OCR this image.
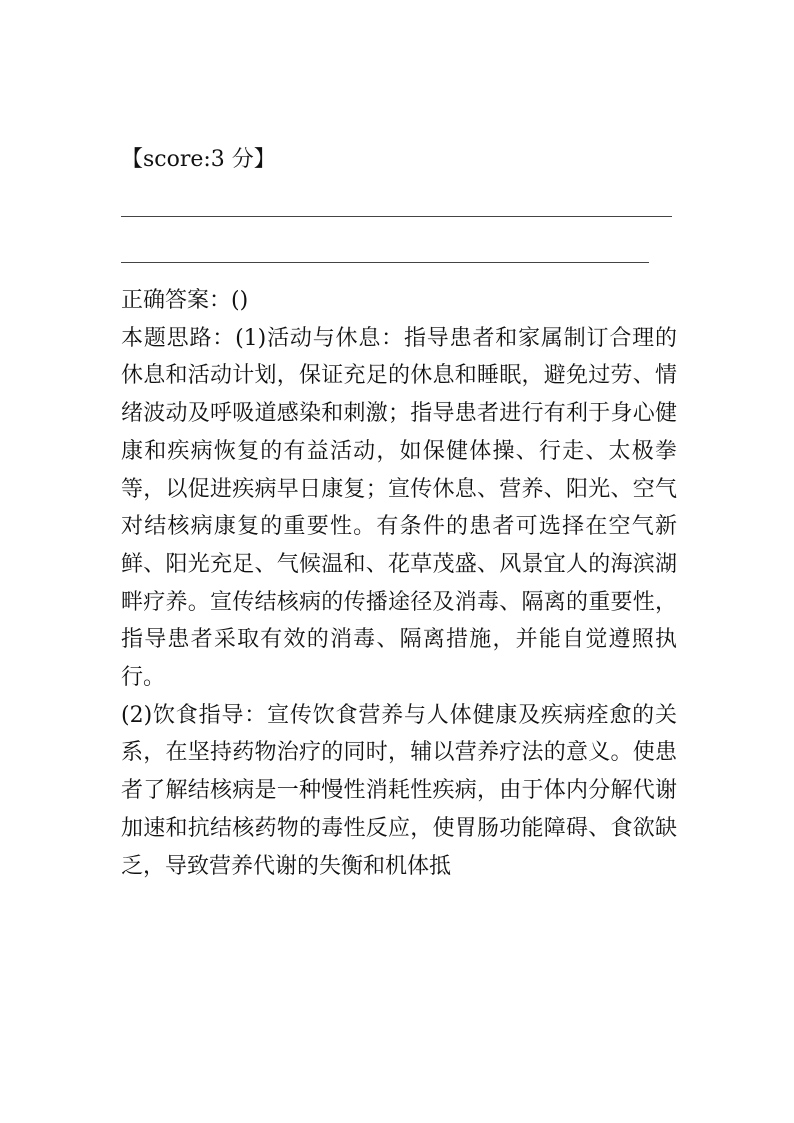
【score:3 分】

正确答案：()

本题思路：(1)活动与休息：指导患者和家属制订合理的休息和活动计划，保证充足的休息和睡眠，避免过劳、情绪波动及呼吸道感染和刺激；指导患者进行有利于身心健康和疾病恢复的有益活动，如保健体操、行走、太极拳等，以促进疾病早日康复；宣传休息、营养、阳光、空气对结核病康复的重要性。有条件的患者可选择在空气新鲜、阳光充足、气候温和、花草茂盛、风景宜人的海滨湖畔疗养。宣传结核病的传播途径及消毒、隔离的重要性，指导患者采取有效的消毒、隔离措施，并能自觉遵照执行。

(2)饮食指导：宣传饮食营养与人体健康及疾病痊愈的关系，在坚持药物治疗的同时，辅以营养疗法的意义。使患者了解结核病是一种慢性消耗性疾病，由于体内分解代谢加速和抗结核药物的毒性反应，使胃肠功能障碍、食欲缺乏，导致营养代谢的失衡和机体抵
